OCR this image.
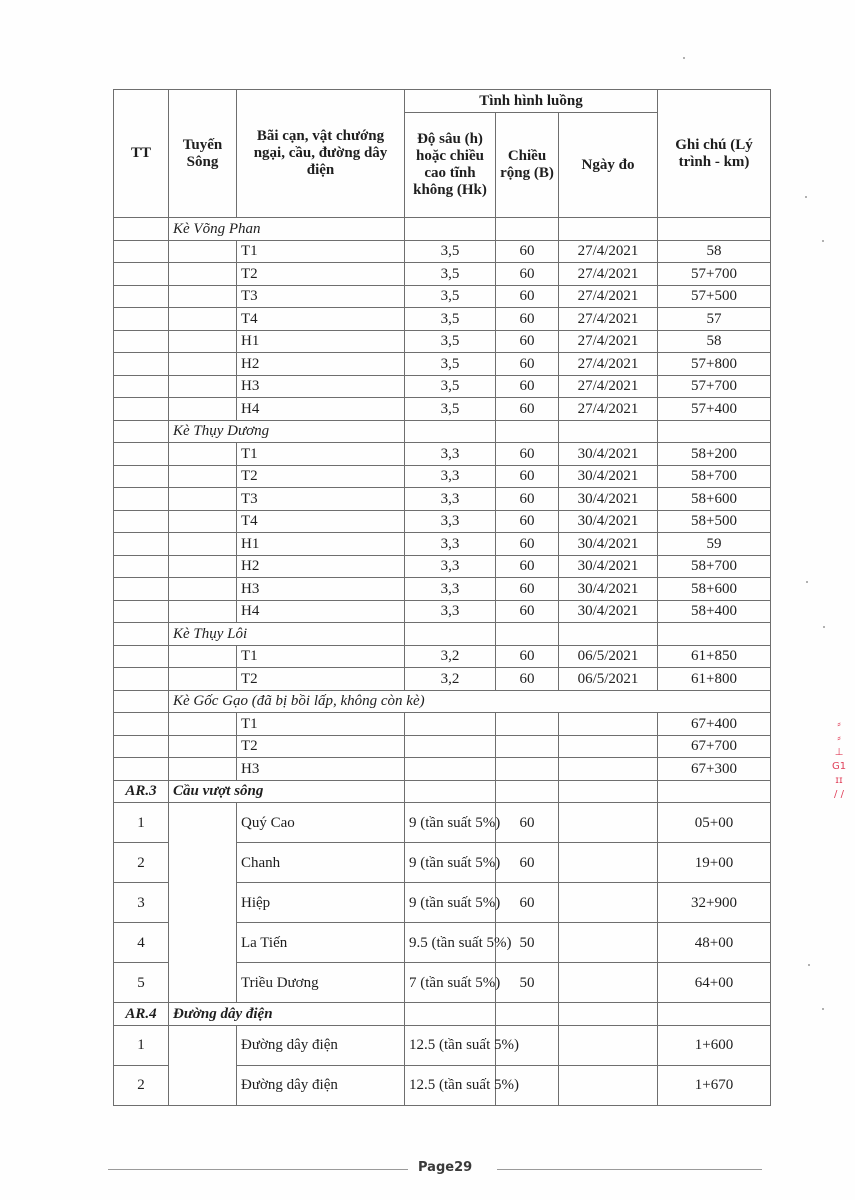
TT	Tuyến Sông	Bãi cạn, vật chướng ngại, cầu, đường dây điện	Tình hình luồng			Ghi chú (Lý trình - km)
			Độ sâu (h) hoặc chiều cao tĩnh không (Hk)	Chiều rộng (B)	Ngày đo	
	Kè Võng Phan					
		T1	3,5	60	27/4/2021	58
		T2	3,5	60	27/4/2021	57+700
		T3	3,5	60	27/4/2021	57+500
		T4	3,5	60	27/4/2021	57
		H1	3,5	60	27/4/2021	58
		H2	3,5	60	27/4/2021	57+800
		H3	3,5	60	27/4/2021	57+700
		H4	3,5	60	27/4/2021	57+400
	Kè Thụy Dương					
		T1	3,3	60	30/4/2021	58+200
		T2	3,3	60	30/4/2021	58+700
		T3	3,3	60	30/4/2021	58+600
		T4	3,3	60	30/4/2021	58+500
		H1	3,3	60	30/4/2021	59
		H2	3,3	60	30/4/2021	58+700
		H3	3,3	60	30/4/2021	58+600
		H4	3,3	60	30/4/2021	58+400
	Kè Thụy Lôi					
		T1	3,2	60	06/5/2021	61+850
		T2	3,2	60	06/5/2021	61+800
	Kè Gốc Gạo (đã bị bồi lấp, không còn kè)					
		T1				67+400
		T2				67+700
		H3				67+300
AR.3	Cầu vượt sông					
1		Quý Cao	9 (tần suất 5%)	60		05+00
2		Chanh	9 (tần suất 5%)	60		19+00
3		Hiệp	9 (tần suất 5%)	60		32+900
4		La Tiến	9.5 (tần suất 5%)	50		48+00
5		Triều Dương	7 (tần suất 5%)	50		64+00
AR.4	Đường dây điện					
1		Đường dây điện	12.5 (tần suất 5%)			1+600
2		Đường dây điện	12.5 (tần suất 5%)			1+670
Page29
⸗
⸗
⊥
G1
ɪɪ
/ /
